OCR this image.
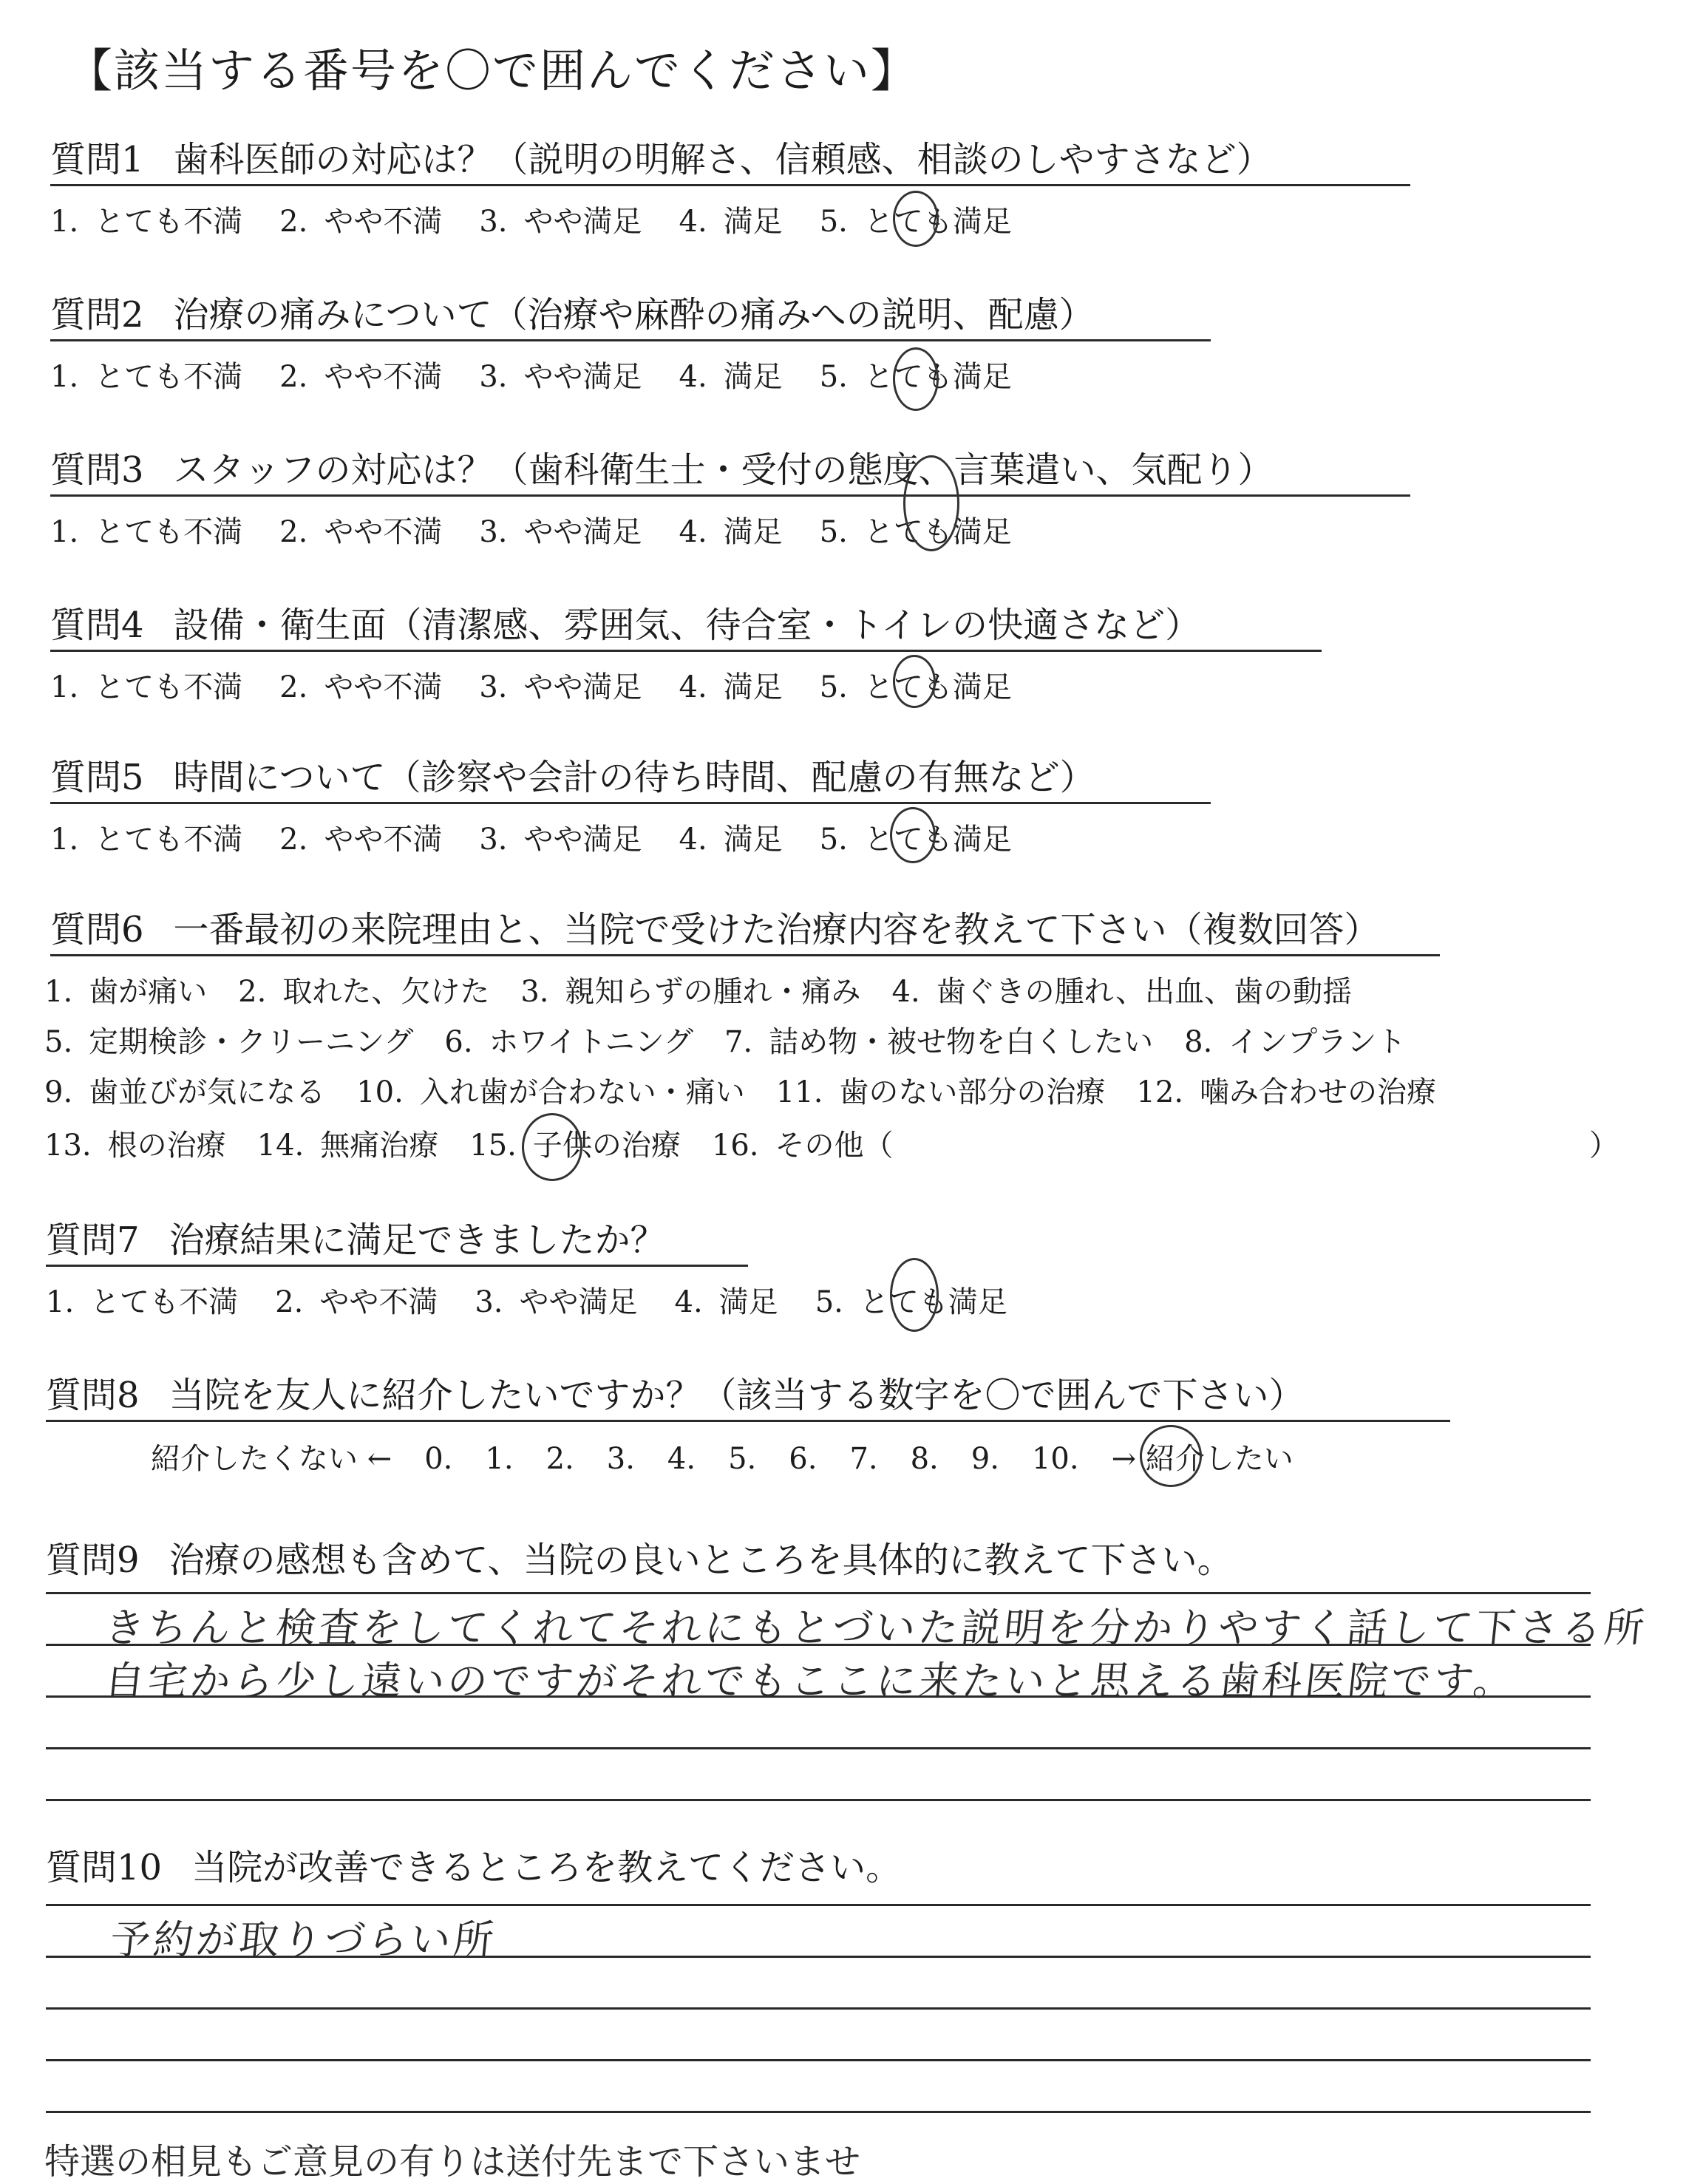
【該当する番号を〇で囲んでください】
質問1 歯科医師の対応は？（説明の明解さ、信頼感、相談のしやすさなど）
1. とても不満 2. やや不満 3. やや満足 4. 満足 5. とても満足
質問2 治療の痛みについて（治療や麻酔の痛みへの説明、配慮）
1. とても不満 2. やや不満 3. やや満足 4. 満足 5. とても満足
質問3 スタッフの対応は？（歯科衛生士・受付の態度、言葉遣い、気配り）
1. とても不満 2. やや不満 3. やや満足 4. 満足 5. とても満足
質問4 設備・衛生面（清潔感、雰囲気、待合室・トイレの快適さなど）
1. とても不満 2. やや不満 3. やや満足 4. 満足 5. とても満足
質問5 時間について（診察や会計の待ち時間、配慮の有無など）
1. とても不満 2. やや不満 3. やや満足 4. 満足 5. とても満足
質問6 一番最初の来院理由と、当院で受けた治療内容を教えて下さい（複数回答）
1. 歯が痛い 2. 取れた、欠けた 3. 親知らずの腫れ・痛み 4. 歯ぐきの腫れ、出血、歯の動揺
5. 定期検診・クリーニング 6. ホワイトニング 7. 詰め物・被せ物を白くしたい 8. インプラント
9. 歯並びが気になる 10. 入れ歯が合わない・痛い 11. 歯のない部分の治療 12. 噛み合わせの治療
13. 根の治療 14. 無痛治療 15. 子供の治療 16. その他（	）
質問7 治療結果に満足できましたか？
1. とても不満 2. やや不満 3. やや満足 4. 満足 5. とても満足
質問8 当院を友人に紹介したいですか？（該当する数字を〇で囲んで下さい）
紹介したくない ← 0. 1. 2. 3. 4. 5. 6. 7. 8. 9. 10. → 紹介したい
質問9 治療の感想も含めて、当院の良いところを具体的に教えて下さい。
きちんと検査をしてくれてそれにもとづいた説明を分かりやすく話して下さる所
自宅から少し遠いのですがそれでもここに来たいと思える歯科医院です。
質問10 当院が改善できるところを教えてください。
予約が取りづらい所
特選の相見もご意見の有りは送付先まで下さいませ
